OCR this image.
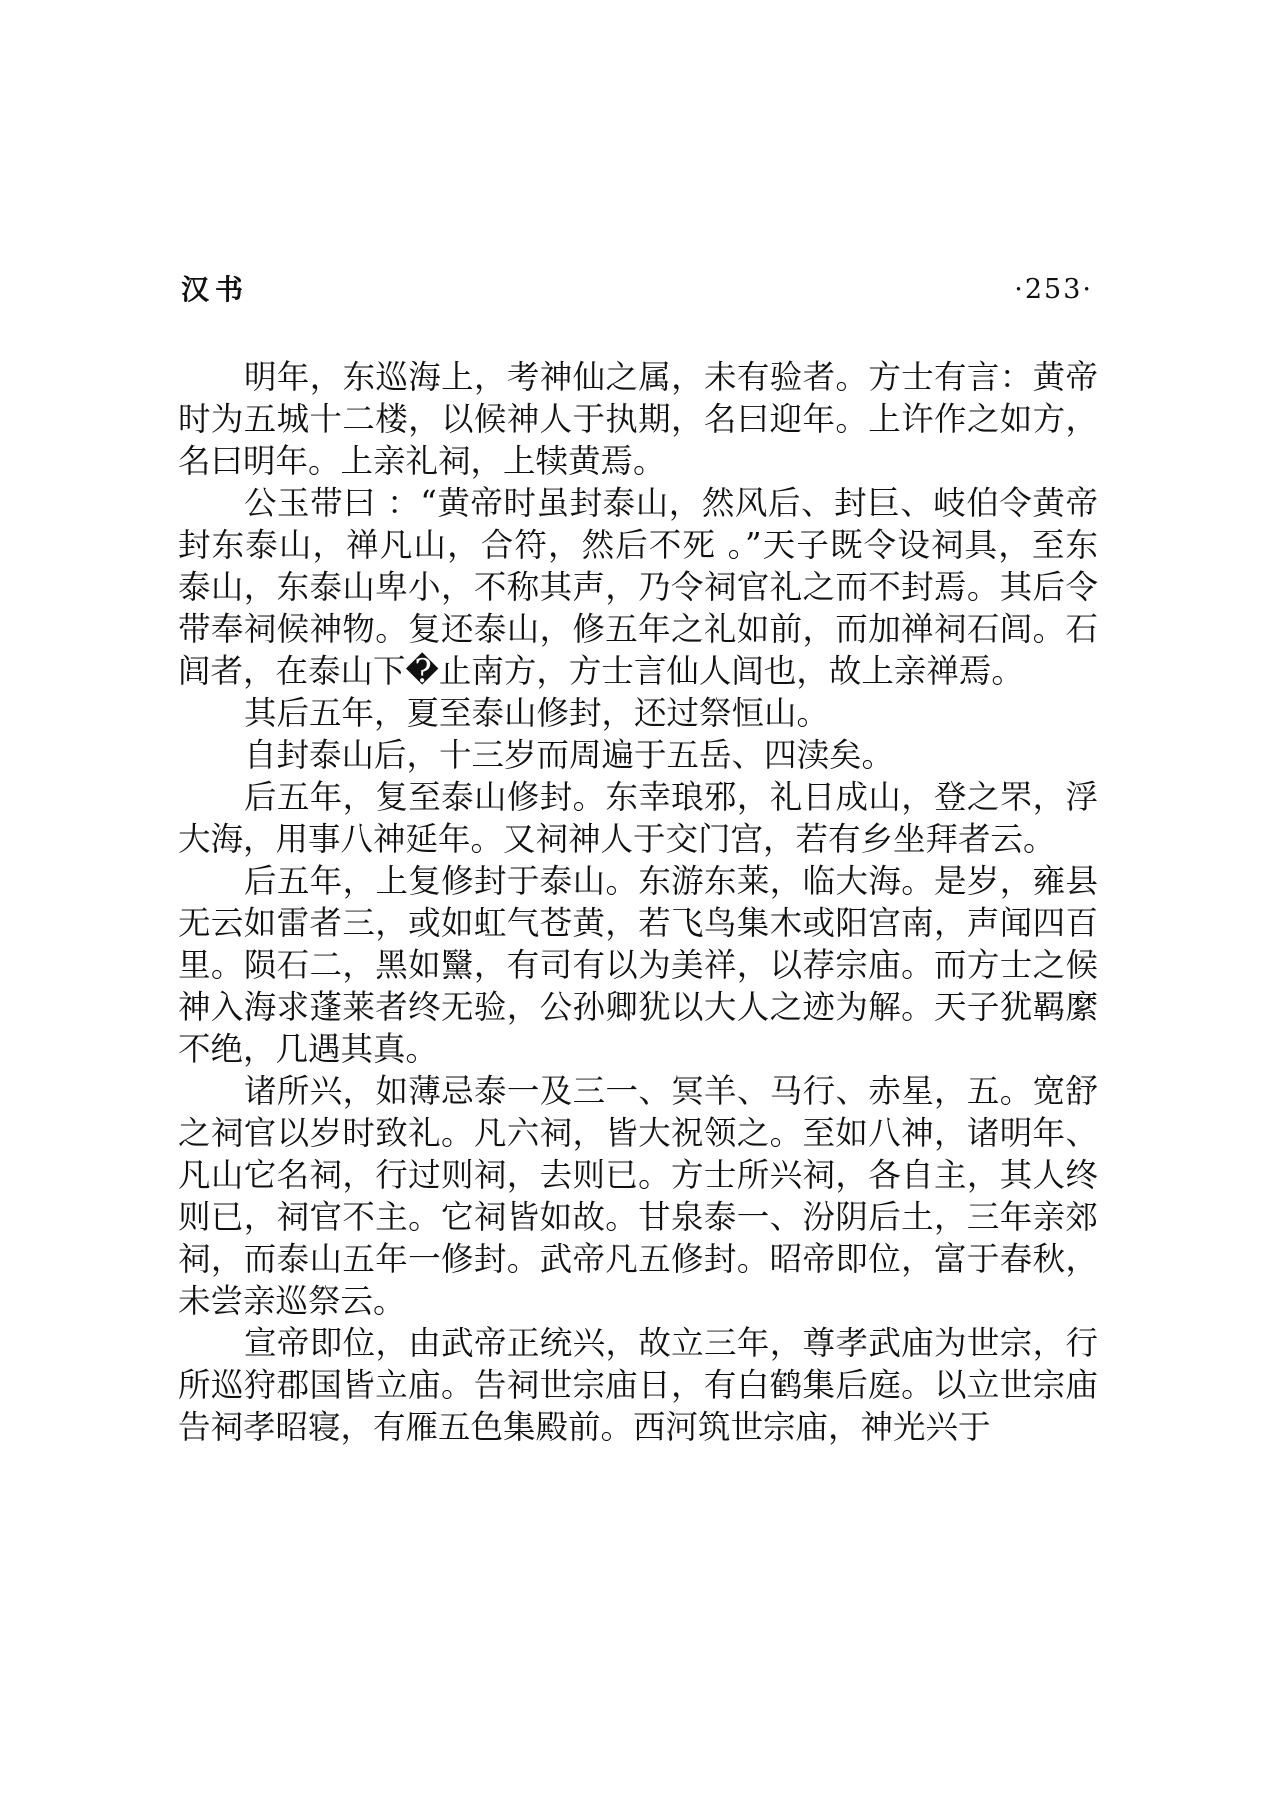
汉书	·253·

明年，东巡海上，考神仙之属，未有验者。方士有言：黄帝时为五城十二楼，以候神人于执期，名曰迎年。上许作之如方，名曰明年。上亲礼祠，上犊黄焉。

公玉带曰 ：“黄帝时虽封泰山，然风后、封巨、岐伯令黄帝封东泰山，禅凡山，合符，然后不死 。”天子既令设祠具，至东泰山，东泰山卑小，不称其声，乃令祠官礼之而不封焉。其后令带奉祠候神物。复还泰山，修五年之礼如前，而加禅祠石闾。石闾者，在泰山下�止南方，方士言仙人闾也，故上亲禅焉。

其后五年，夏至泰山修封，还过祭恒山。

自封泰山后，十三岁而周遍于五岳、四渎矣。

后五年，复至泰山修封。东幸琅邪，礼日成山，登之罘，浮大海，用事八神延年。又祠神人于交门宫，若有乡坐拜者云。

后五年，上复修封于泰山。东游东莱，临大海。是岁，雍县无云如雷者三，或如虹气苍黄，若飞鸟集木或阳宫南，声闻四百里。陨石二，黑如黳，有司有以为美祥，以荐宗庙。而方士之候神入海求蓬莱者终无验，公孙卿犹以大人之迹为解。天子犹羁縻不绝，几遇其真。

诸所兴，如薄忌泰一及三一、冥羊、马行、赤星，五。宽舒之祠官以岁时致礼。凡六祠，皆大祝领之。至如八神，诸明年、凡山它名祠，行过则祠，去则已。方士所兴祠，各自主，其人终则已，祠官不主。它祠皆如故。甘泉泰一、汾阴后土，三年亲郊祠，而泰山五年一修封。武帝凡五修封。昭帝即位，富于春秋，未尝亲巡祭云。

宣帝即位，由武帝正统兴，故立三年，尊孝武庙为世宗，行所巡狩郡国皆立庙。告祠世宗庙日，有白鹤集后庭。以立世宗庙告祠孝昭寝，有雁五色集殿前。西河筑世宗庙，神光兴于
